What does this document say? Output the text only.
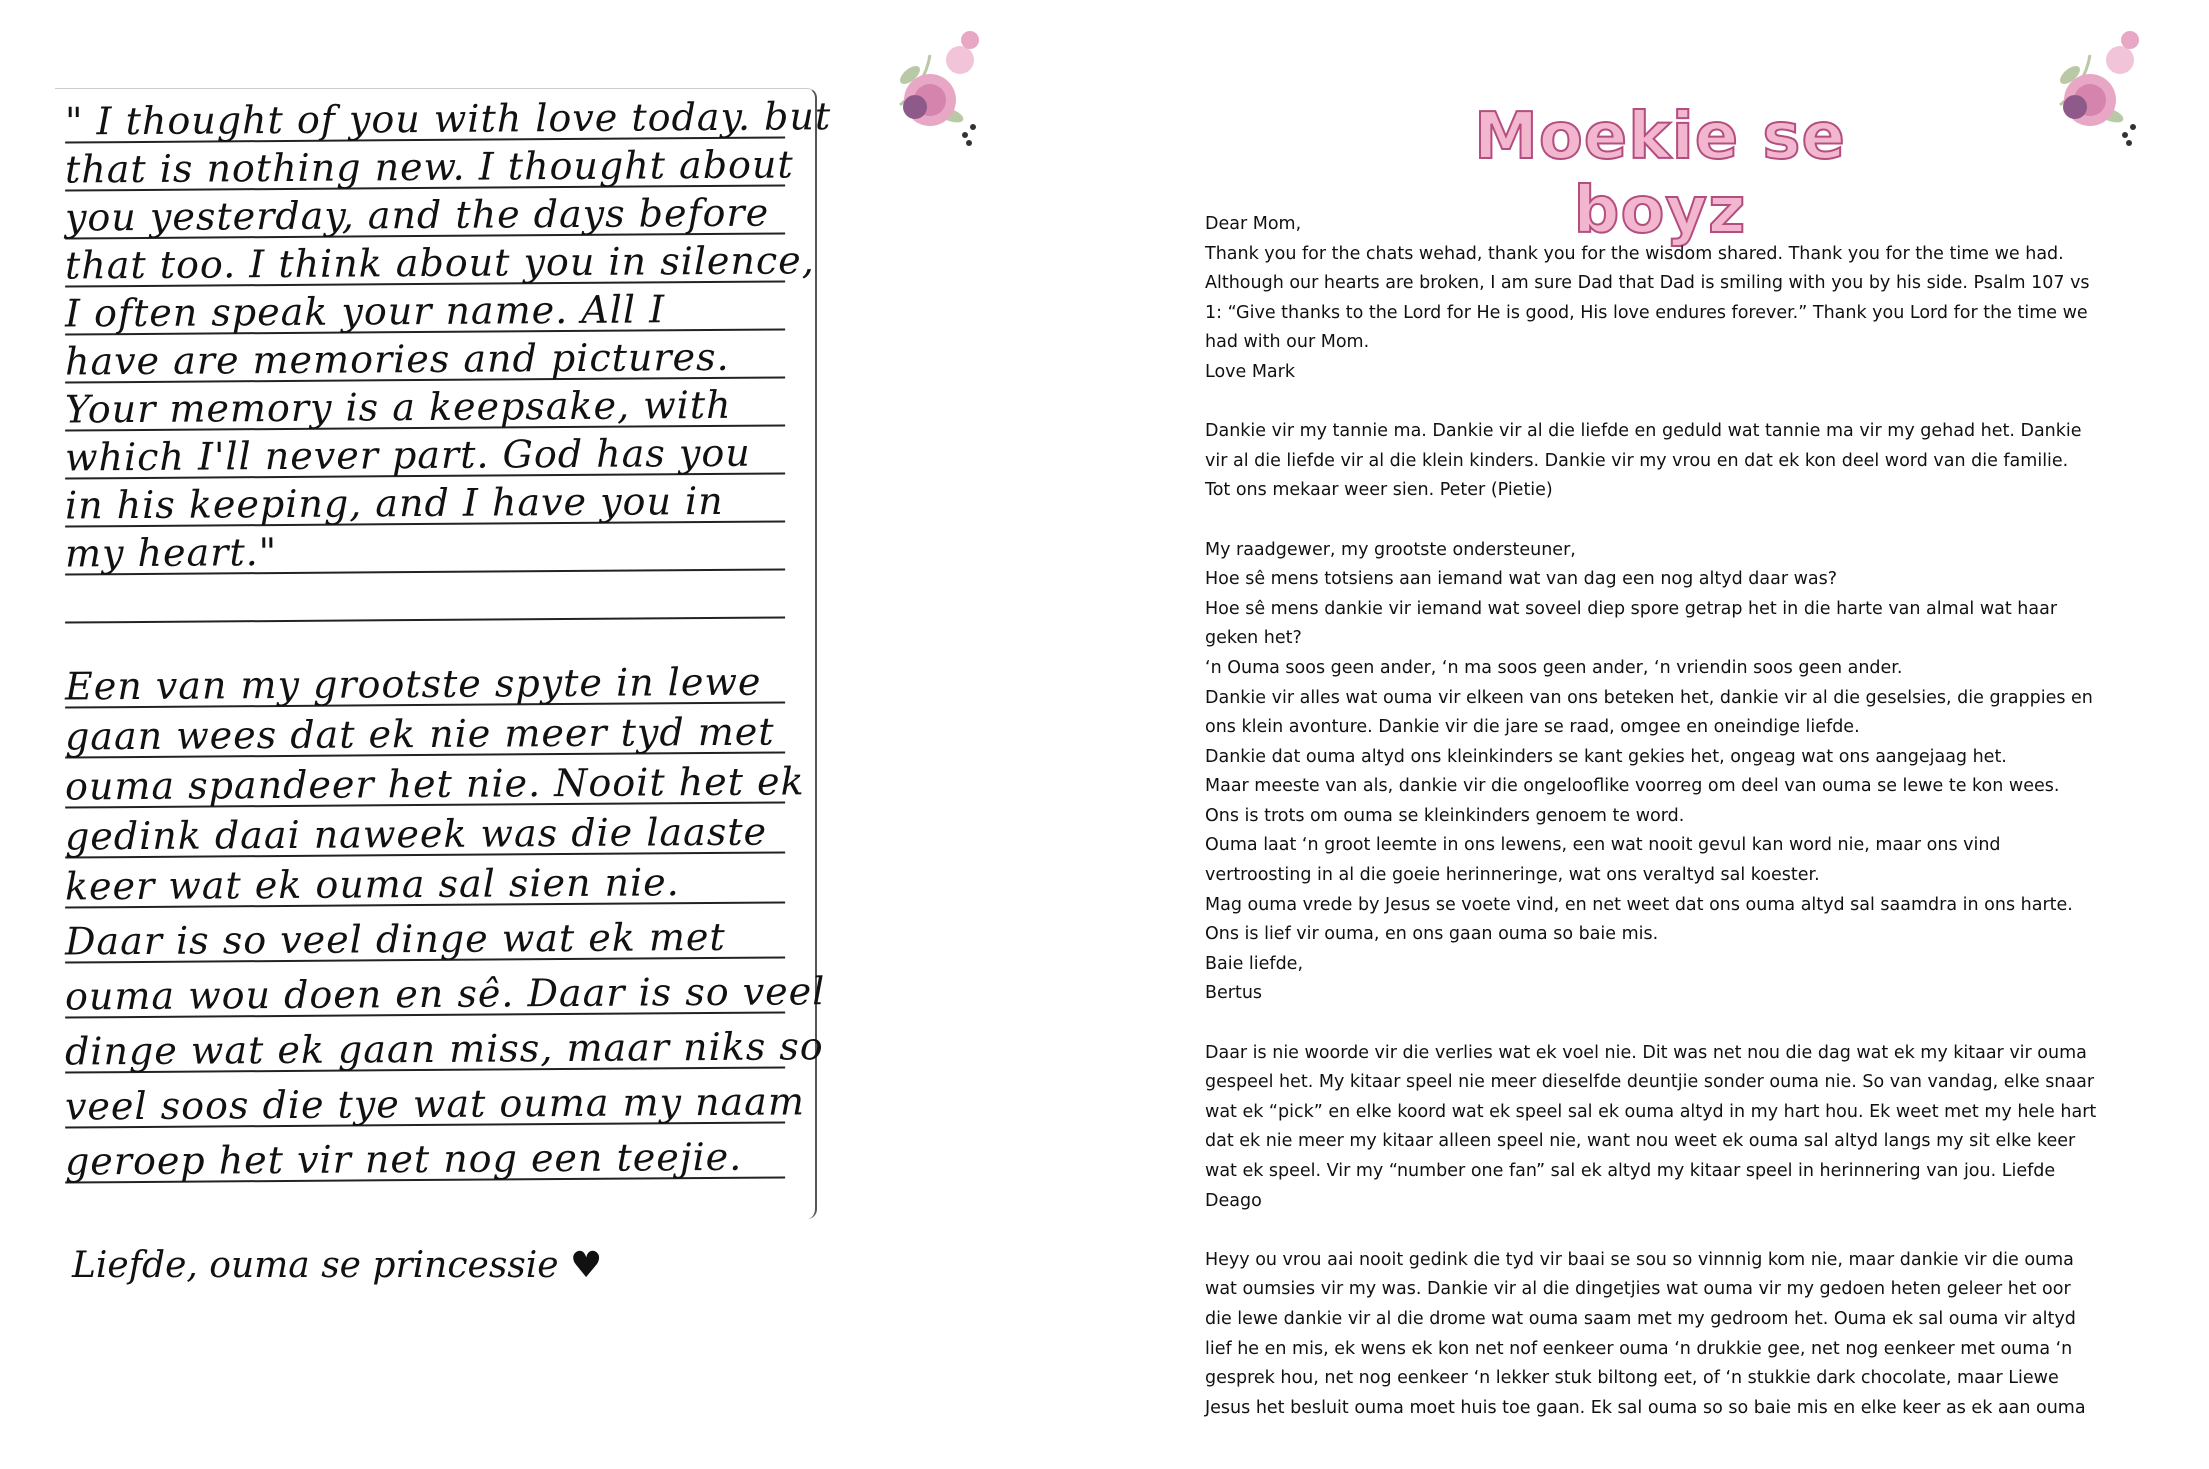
" I thought of you with love today. but
that is nothing new. I thought about
you yesterday, and the days before
that too. I think about you in silence,
I often speak your name. All I
have are memories and pictures.
Your memory is a keepsake, with
which I'll never part. God has you
in his keeping, and I have you in
my heart."
Een van my grootste spyte in lewe
gaan wees dat ek nie meer tyd met
ouma spandeer het nie. Nooit het ek
gedink daai naweek was die laaste
keer wat ek ouma sal sien nie.
Daar is so veel dinge wat ek met
ouma wou doen en sê. Daar is so veel
dinge wat ek gaan miss, maar niks so
veel soos die tye wat ouma my naam
geroep het vir net nog een teejie.
Liefde, ouma se princessie ♥
Moekie se boyz

Dear Mom,
Thank you for the chats wehad, thank you for the wisdom shared. Thank you for the time we had.
Although our hearts are broken, I am sure Dad that Dad is smiling with you by his side. Psalm 107 vs
1: “Give thanks to the Lord for He is good, His love endures forever.” Thank you Lord for the time we
had with our Mom.
Love Mark

Dankie vir my tannie ma. Dankie vir al die liefde en geduld wat tannie ma vir my gehad het. Dankie
vir al die liefde vir al die klein kinders. Dankie vir my vrou en dat ek kon deel word van die familie.
Tot ons mekaar weer sien. Peter (Pietie)

My raadgewer, my grootste ondersteuner,
Hoe sê mens totsiens aan iemand wat van dag een nog altyd daar was?
Hoe sê mens dankie vir iemand wat soveel diep spore getrap het in die harte van almal wat haar
geken het?
‘n Ouma soos geen ander, ‘n ma soos geen ander, ‘n vriendin soos geen ander.
Dankie vir alles wat ouma vir elkeen van ons beteken het, dankie vir al die geselsies, die grappies en
ons klein avonture. Dankie vir die jare se raad, omgee en oneindige liefde.
Dankie dat ouma altyd ons kleinkinders se kant gekies het, ongeag wat ons aangejaag het.
Maar meeste van als, dankie vir die ongelooflike voorreg om deel van ouma se lewe te kon wees.
Ons is trots om ouma se kleinkinders genoem te word.
Ouma laat ‘n groot leemte in ons lewens, een wat nooit gevul kan word nie, maar ons vind
vertroosting in al die goeie herinneringe, wat ons veraltyd sal koester.
Mag ouma vrede by Jesus se voete vind, en net weet dat ons ouma altyd sal saamdra in ons harte.
Ons is lief vir ouma, en ons gaan ouma so baie mis.
Baie liefde,
Bertus

Daar is nie woorde vir die verlies wat ek voel nie. Dit was net nou die dag wat ek my kitaar vir ouma
gespeel het. My kitaar speel nie meer dieselfde deuntjie sonder ouma nie. So van vandag, elke snaar
wat ek “pick” en elke koord wat ek speel sal ek ouma altyd in my hart hou. Ek weet met my hele hart
dat ek nie meer my kitaar alleen speel nie, want nou weet ek ouma sal altyd langs my sit elke keer
wat ek speel. Vir my “number one fan” sal ek altyd my kitaar speel in herinnering van jou. Liefde
Deago

Heyy ou vrou aai nooit gedink die tyd vir baai se sou so vinnnig kom nie, maar dankie vir die ouma
wat oumsies vir my was. Dankie vir al die dingetjies wat ouma vir my gedoen heten geleer het oor
die lewe dankie vir al die drome wat ouma saam met my gedroom het. Ouma ek sal ouma vir altyd
lief he en mis, ek wens ek kon net nof eenkeer ouma ‘n drukkie gee, net nog eenkeer met ouma ‘n
gesprek hou, net nog eenkeer ‘n lekker stuk biltong eet, of ‘n stukkie dark chocolate, maar Liewe
Jesus het besluit ouma moet huis toe gaan. Ek sal ouma so so baie mis en elke keer as ek aan ouma
